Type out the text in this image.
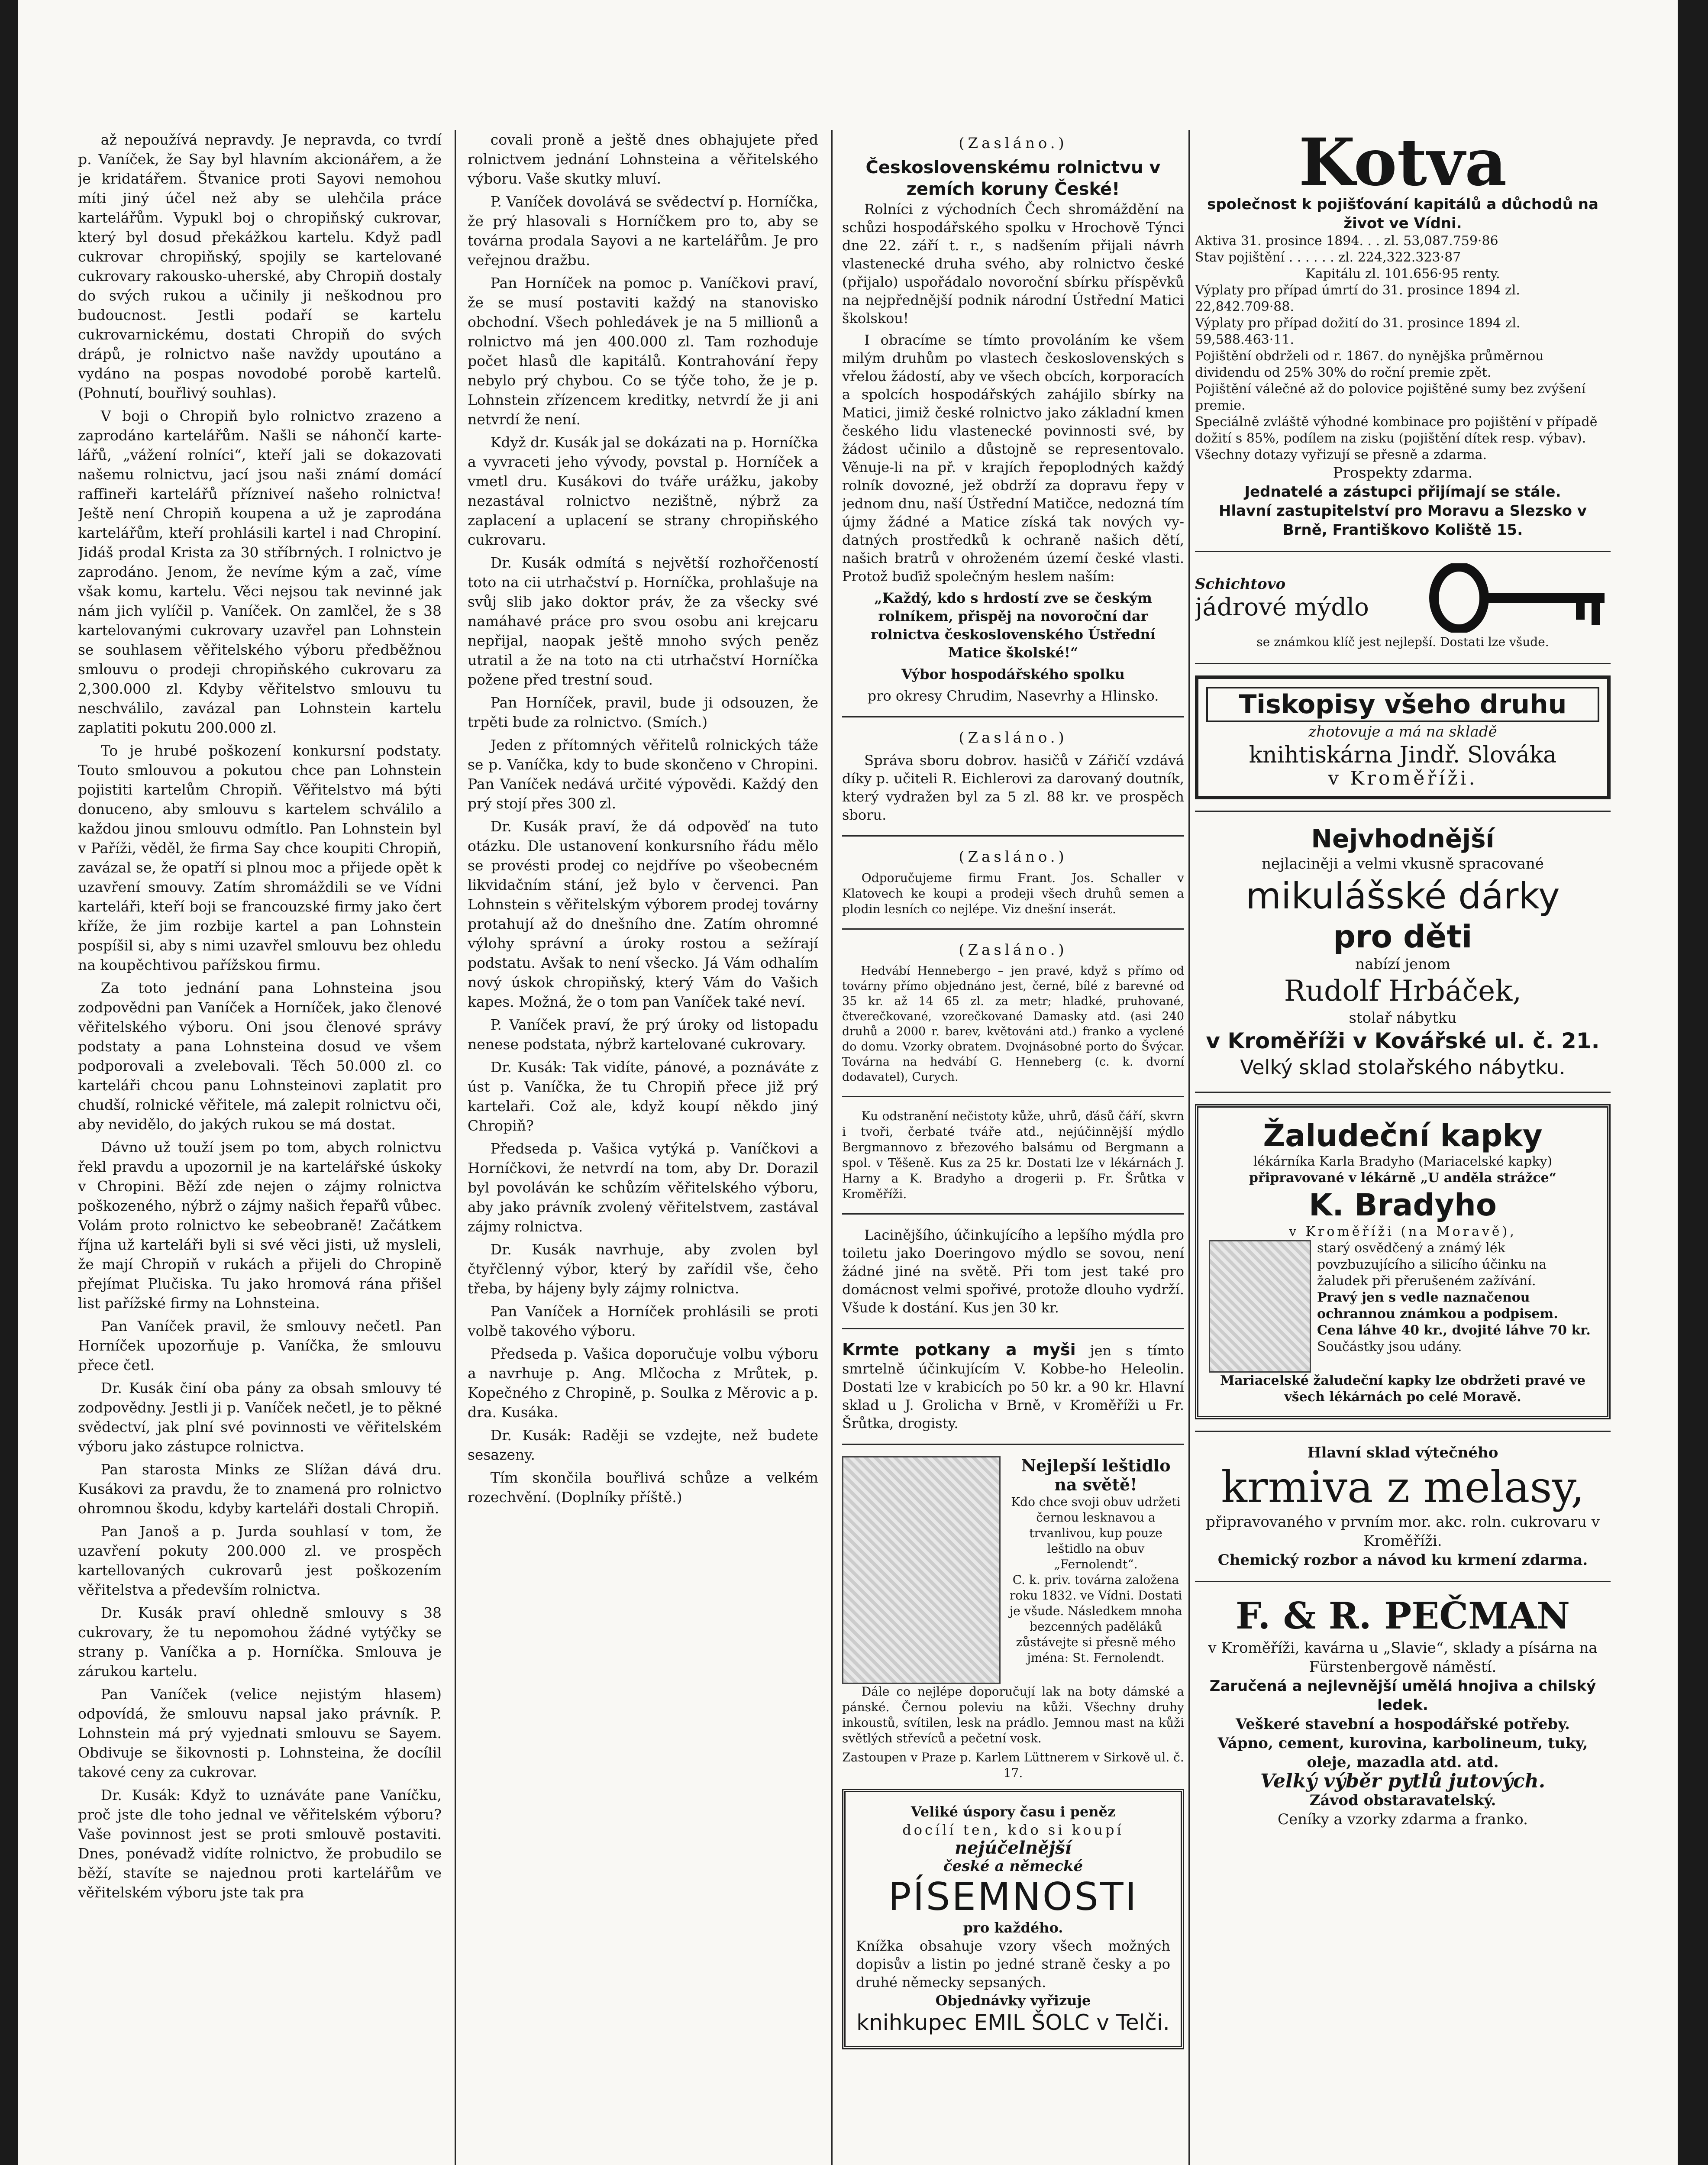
až nepoužívá nepravdy. Je nepravda, co tvrdí p. Vaníček, že Say byl hlavním akcionářem, a že je kridatářem. Štvanice proti Sayovi nemohou míti jiný účel než aby se ulehčila práce kartelářům. Vypukl boj o chropiňský cukrovar, který byl dosud překážkou kartelu. Když padl cukrovar chropiňský, spojily se kartelované cukrovary rakousko-uherské, aby Chropiň dostaly do svých rukou a učinily ji neškodnou pro budoucnost. Jestli podaří se kartelu cukrovarnickému, dostati Chropiň do svých drápů, je rolnictvo naše navždy upoutáno a vydáno na pospas novodobé porobě kartelů. (Pohnutí, bouřlivý souhlas).

V boji o Chropiň bylo rolnictvo zrazeno a zaprodáno kartelářům. Našli se náhončí kartelářů, „vážení rolníci“, kteří jali se dokazovati našemu rolnictvu, jací jsou naši známí domácí raffineři kartelářů přízniveí našeho rolnictva! Ještě není Chropiň koupena a už je zaprodána kartelářům, kteří prohlásili kartel i nad Chropiní. Jidáš prodal Krista za 30 stříbrných. I rolnictvo je zaprodáno. Jenom, že nevíme kým a zač, víme však komu, kartelu. Věci nejsou tak nevinné jak nám jich vylíčil p. Vaníček. On zamlčel, že s 38 kartelovanými cukrovary uzavřel pan Lohnstein se souhlasem věřitelského výboru předběžnou smlouvu o prodeji chropiňského cukrovaru za 2,300.000 zl. Kdyby věřitelstvo smlouvu tu neschválilo, zavázal pan Lohnstein kartelu zaplatiti pokutu 200.000 zl.

To je hrubé poškození konkursní podstaty. Touto smlouvou a pokutou chce pan Lohnstein pojistiti kartelům Chropiň. Věřitelstvo má býti donuceno, aby smlouvu s kartelem schválilo a každou jinou smlouvu odmítlo. Pan Lohnstein byl v Paříži, věděl, že firma Say chce koupiti Chropiň, zavázal se, že opatří si plnou moc a přijede opět k uzavření smouvy. Zatím shromáždili se ve Vídni karteláři, kteří boji se francouzské firmy jako čert kříže, že jim rozbije kartel a pan Lohnstein pospíšil si, aby s nimi uzavřel smlouvu bez ohledu na koupěchtivou pařížskou firmu.

Za toto jednání pana Lohnsteina jsou zodpovědni pan Vaníček a Horníček, jako členové věřitelského výboru. Oni jsou členové správy podstaty a pana Lohnsteina dosud ve všem podporovali a zvelebovali. Těch 50.000 zl. co karteláři chcou panu Lohnsteinovi zaplatit pro chudší, rolnické věřitele, má zalepit rolnictvu oči, aby nevidělo, do jakých rukou se má dostat.

Dávno už touží jsem po tom, abych rolnictvu řekl pravdu a upozornil je na kartelářské úskoky v Chropini. Běží zde nejen o zájmy rolnictva poškozeného, nýbrž o zájmy našich řepařů vůbec. Volám proto rolnictvo ke sebeobraně! Začátkem října už karteláři byli si své věci jisti, už mysleli, že mají Chropiň v rukách a přijeli do Chropině přejímat Plučiska. Tu jako hromová rána přišel list pařížské firmy na Lohnsteina.

Pan Vaníček pravil, že smlouvy nečetl. Pan Horníček upozorňuje p. Vaníčka, že smlouvu přece četl.

Dr. Kusák činí oba pány za obsah smlouvy té zodpovědny. Jestli ji p. Vaníček nečetl, je to pěkné svědectví, jak plní své povinnosti ve věřitelském výboru jako zástupce rolnictva.

Pan starosta Minks ze Slížan dává dru. Kusákovi za pravdu, že to znamená pro rolnictvo ohromnou škodu, kdyby karteláři dostali Chropiň.

Pan Janoš a p. Jurda souhlasí v tom, že uzavření pokuty 200.000 zl. ve prospěch kartellovaných cukrovarů jest poškozením věřitelstva a především rolnictva.

Dr. Kusák praví ohledně smlouvy s 38 cukrovary, že tu nepomohou žádné vytýčky se strany p. Vaníčka a p. Horníčka. Smlouva je zárukou kartelu.

Pan Vaníček (velice nejistým hlasem) odpovídá, že smlouvu napsal jako právník. P. Lohnstein má prý vyjednati smlouvu se Sayem. Obdivuje se šikovnosti p. Lohnsteina, že docílil takové ceny za cukrovar.

Dr. Kusák: Když to uznáváte pane Vaníčku, proč jste dle toho jednal ve věřitelském výboru? Vaše povinnost jest se proti smlouvě postaviti. Dnes, ponévadž vidíte rolnictvo, že probudilo se běží, stavíte se najednou proti kartelářům ve věřitelském výboru jste tak pra

covali proně a ještě dnes obhajujete před rolnictvem jednání Lohnsteina a věřitelského výboru. Vaše skutky mluví.

P. Vaníček dovolává se svědectví p. Horníčka, že prý hlasovali s Horníčkem pro to, aby se továrna prodala Sayovi a ne kartelářům. Je pro veřejnou dražbu.

Pan Horníček na pomoc p. Vaníčkovi praví, že se musí postaviti každý na stanovisko obchodní. Všech pohledávek je na 5 millionů a rolnictvo má jen 400.000 zl. Tam rozhoduje počet hlasů dle kapitálů. Kontrahování řepy nebylo prý chybou. Co se týče toho, že je p. Lohnstein zřízencem kreditky, netvrdí že ji ani netvrdí že není.

Když dr. Kusák jal se dokázati na p. Horníčka a vyvraceti jeho vývody, povstal p. Horníček a vmetl dru. Kusákovi do tváře urážku, jakoby nezastával rolnictvo nezištně, nýbrž za zaplacení a uplacení se strany chropiňského cukrovaru.

Dr. Kusák odmítá s největší rozhořčeností toto na cii utrhačství p. Horníčka, prohlašuje na svůj slib jako doktor práv, že za všecky své namáhavé práce pro svou osobu ani krejcaru nepřijal, naopak ještě mnoho svých peněz utratil a že na toto na cti utrhačství Horníčka požene před trestní soud.

Pan Horníček, pravil, bude ji odsouzen, že trpěti bude za rolnictvo. (Smích.)

Jeden z přítomných věřitelů rolnických táže se p. Vaníčka, kdy to bude skončeno v Chropini. Pan Vaníček nedává určité výpovědi. Každý den prý stojí přes 300 zl.

Dr. Kusák praví, že dá odpověď na tuto otázku. Dle ustanovení konkursního řádu mělo se provésti prodej co nejdříve po všeobecném likvidačním stání, jež bylo v červenci. Pan Lohnstein s věřitelským výborem prodej továrny protahují až do dnešního dne. Zatím ohromné výlohy správní a úroky rostou a sežírají podstatu. Avšak to není všecko. Já Vám odhalím nový úskok chropiňský, který Vám do Vašich kapes. Možná, že o tom pan Vaníček také neví.

P. Vaníček praví, že prý úroky od listopadu nenese podstata, nýbrž kartelované cukrovary.

Dr. Kusák: Tak vidíte, pánové, a poznáváte z úst p. Vaníčka, že tu Chropiň přece již prý kartelaři. Což ale, když koupí někdo jiný Chropiň?

Předseda p. Vašica vytýká p. Vaníčkovi a Horníčkovi, že netvrdí na tom, aby Dr. Dorazil byl povoláván ke schůzím věřitelského výboru, aby jako právník zvolený věřitelstvem, zastával zájmy rolnictva.

Dr. Kusák navrhuje, aby zvolen byl čtyřčlenný výbor, který by zařídil vše, čeho třeba, by hájeny byly zájmy rolnictva.

Pan Vaníček a Horníček prohlásili se proti volbě takového výboru.

Předseda p. Vašica doporučuje volbu výboru a navrhuje p. Ang. Mlčocha z Mrůtek, p. Kopečného z Chropině, p. Soulka z Měrovic a p. dra. Kusáka.

Dr. Kusák: Raději se vzdejte, než budete sesazeny.

Tím skončila bouřlivá schůze a velkém rozechvění. (Doplníky příště.)

(Zasláno.)
Československému rolnictvu v zemích koruny České!

Rolníci z východních Čech shromáždění na schůzi hospodářského spolku v Hrochově Týnci dne 22. září t. r., s nadšením přijali návrh vlastenecké druha svého, aby rolnictvo české (přijalo) uspořádalo novoroční sbírku příspěvků na nejpřednější podnik národní Ústřední Matici školskou!

I obracíme se tímto provoláním ke všem milým druhům po vlastech československých s vřelou žádostí, aby ve všech obcích, korporacích a spolcích hospodářských zahájilo sbírky na Matici, jimiž české rolnictvo jako základní kmen českého lidu vlastenecké povinnosti své, by žádost učinilo a důstojně se representovalo. Věnuje-li na př. v krajích řepoplodných každý rolník dovozné, jež obdrží za dopravu řepy v jednom dnu, naší Ústřední Matičce, nedozná tím újmy žádné a Matice získá tak nových vydatných prostředků k ochraně našich dětí, našich bratrů v ohroženém území české vlasti. Protož buďiž společným heslem naším:

„Každý, kdo s hrdostí zve se českým rolníkem, přispěj na novoroční dar rolnictva československého Ústřední Matice školské!“

Výbor hospodářského spolku

pro okresy Chrudim, Nasevrhy a Hlinsko.

(Zasláno.)

Správa sboru dobrov. hasičů v Zářičí vzdává díky p. učiteli R. Eichlerovi za darovaný doutník, který vydražen byl za 5 zl. 88 kr. ve prospěch sboru.

(Zasláno.)

Odporučujeme firmu Frant. Jos. Schaller v Klatovech ke koupi a prodeji všech druhů semen a plodin lesních co nejlépe. Viz dnešní inserát.

(Zasláno.)

Hedvábí Hennebergo – jen pravé, když s přímo od továrny přímo objednáno jest, černé, bílé z barevné od 35 kr. až 14 65 zl. za metr; hladké, pruhované, čtverečkované, vzorečkované Damasky atd. (asi 240 druhů a 2000 r. barev, květováni atd.) franko a vyclené do domu. Vzorky obratem. Dvojnásobné porto do Švýcar. Továrna na hedvábí G. Henneberg (c. k. dvorní dodavatel), Curych.

Ku odstranění nečistoty kůže, uhrů, ďásů čáří, skvrn i tvoři, čerbaté tváře atd., nejúčinnější mýdlo Bergmannovo z březového balsámu od Bergmann a spol. v Těšeně. Kus za 25 kr. Dostati lze v lékárnách J. Harny a K. Bradyho a drogerii p. Fr. Šrůtka v Kroměříži.

Lacinějšího, účinkujícího a lepšího mýdla pro toiletu jako Doeringovo mýdlo se sovou, není žádné jiné na světě. Při tom jest také pro domácnost velmi spořivé, protože dlouho vydrží. Všude k dostání. Kus jen 30 kr.

Krmte potkany a myši jen s tímto smrtelně účinkujícím V. Kobbe-ho Heleolin. Dostati lze v krabicích po 50 kr. a 90 kr. Hlavní sklad u J. Grolicha v Brně, v Kroměříži u Fr. Šrůtka, drogisty.

Nejlepší leštidlo na světě!
Kdo chce svoji obuv udržeti černou lesknavou a trvanlivou, kup pouze leštidlo na obuv „Fernolendt“.
C. k. priv. továrna založena roku 1832. ve Vídni. Dostati je všude. Následkem mnoha bezcenných paděláků zůstávejte si přesně mého jména: St. Fernolendt.

Dále co nejlépe doporučují lak na boty dámské a pánské. Černou poleviu na kůži. Všechny druhy inkoustů, svítilen, lesk na prádlo. Jemnou mast na kůži světlých střevíců a pečetní vosk.

Zastoupen v Praze p. Karlem Lüttnerem v Sirkově ul. č. 17.

Veliké úspory času i peněz
docílí ten, kdo si koupí
nejúčelnější
české a německé
PÍSEMNOSTI
pro každého.
Knížka obsahuje vzory všech možných dopisův a listin po jedné straně česky a po druhé německy sepsaných.
Objednávky vyřizuje
knihkupec EMIL ŠOLC v Telči.
Kotva
společnost k pojišťování kapitálů a důchodů na život ve Vídni.
Aktiva 31. prosince 1894. . . zl. 53,087.759·86
Stav pojištění . . . . . . zl. 224,322.323·87
Kapitálu zl. 101.656·95 renty.
Výplaty pro případ úmrtí do 31. prosince 1894 zl. 22,842.709·88.
Výplaty pro případ dožití do 31. prosince 1894 zl. 59,588.463·11.
Pojištění obdrželi od r. 1867. do nynějška průměrnou dividendu od 25% 30% do roční premie zpět.
Pojištění válečné až do polovice pojištěné sumy bez zvýšení premie.
Speciálně zvláště výhodné kombinace pro pojištění v případě dožití s 85%, podílem na zisku (pojištění dítek resp. výbav). Všechny dotazy vyřizují se přesně a zdarma.
Prospekty zdarma.
Jednatelé a zástupci přijímají se stále.
Hlavní zastupitelství pro Moravu a Slezsko v Brně, Františkovo Koliště 15.
Schichtovo
jádrové mýdlo
se známkou klíč jest nejlepší. Dostati lze všude.
Tiskopisy všeho druhu
zhotovuje a má na skladě
knihtiskárna Jindř. Slováka
v Kroměříži.
Nejvhodnější
nejlaciněji a velmi vkusně spracované
mikulášské dárky
pro děti
nabízí jenom
Rudolf Hrbáček,
stolař nábytku
v Kroměříži v Kovářské ul. č. 21.
Velký sklad stolařského nábytku.
Žaludeční kapky
lékárníka Karla Bradyho (Mariacelské kapky)
připravované v lékárně „U anděla strážce“
K. Bradyho
v Kroměříži (na Moravě),
starý osvědčený a známý lék povzbuzujícího a silicího účinku na žaludek při přerušeném zažívání.
Pravý jen s vedle naznačenou ochrannou známkou a podpisem.
Cena láhve 40 kr., dvojité láhve 70 kr.
Součástky jsou udány.
Mariacelské žaludeční kapky lze obdržeti pravé ve všech lékárnách po celé Moravě.
Hlavní sklad výtečného
krmiva z melasy,
připravovaného v prvním mor. akc. roln. cukrovaru v Kroměříži.
Chemický rozbor a návod ku krmení zdarma.
F. & R. PEČMAN
v Kroměříži, kavárna u „Slavie“, sklady a písárna na Fürstenbergově náměstí.
Zaručená a nejlevnější umělá hnojiva a chilský ledek.
Veškeré stavební a hospodářské potřeby.
Vápno, cement, kurovina, karbolineum, tuky, oleje, mazadla atd. atd.
Velký výběr pytlů jutových.
Závod obstaravatelský.
Ceníky a vzorky zdarma a franko.
